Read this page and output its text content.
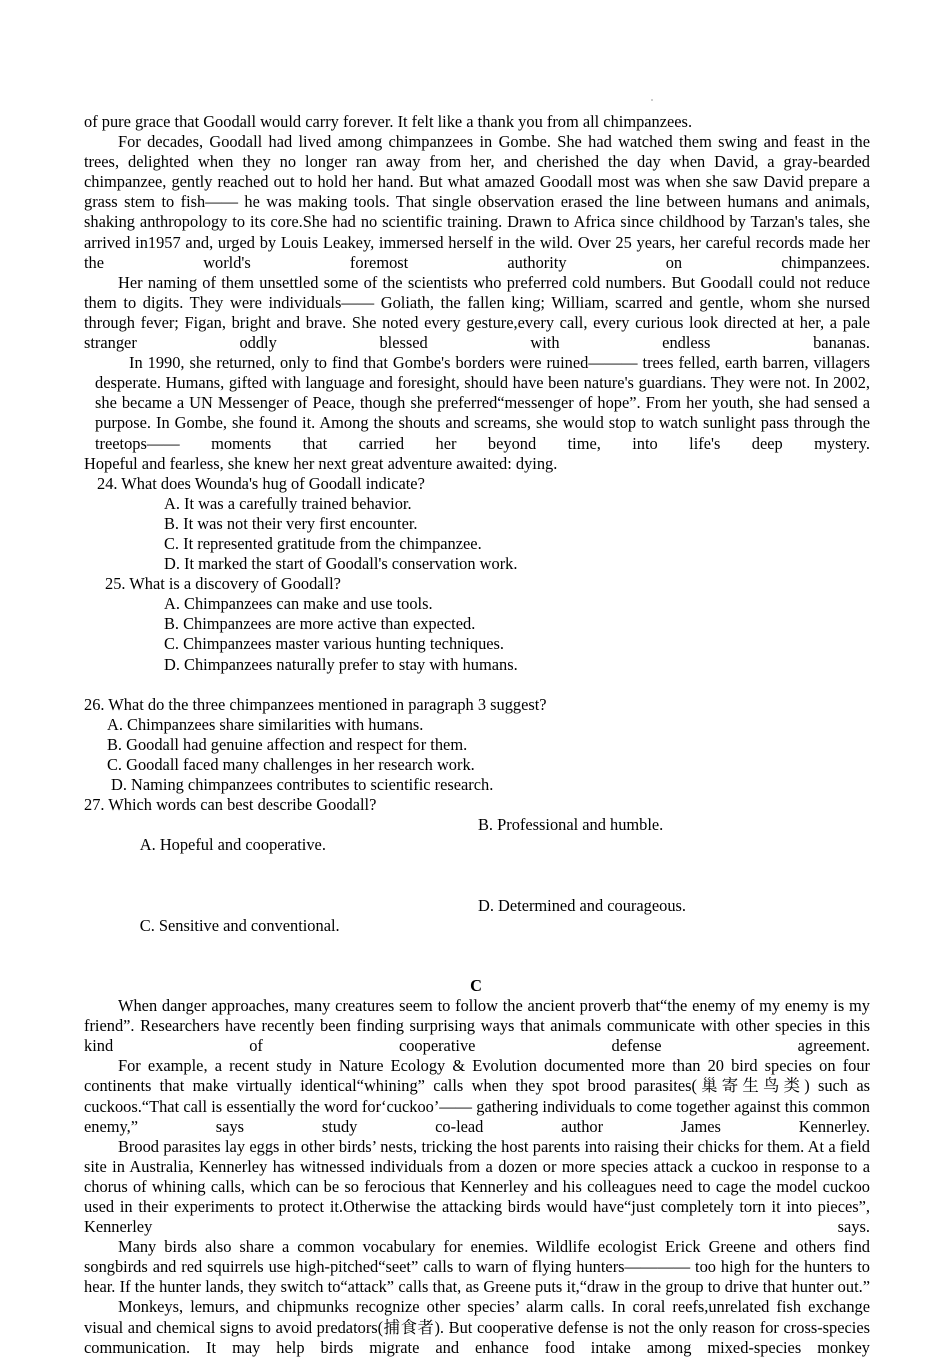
of pure grace that Goodall would carry forever. It felt like a thank you from all chimpanzees.

For decades, Goodall had lived among chimpanzees in Gombe. She had watched them swing and feast in the trees, delighted when they no longer ran away from her, and cherished the day when David, a gray-bearded chimpanzee, gently reached out to hold her hand. But what amazed Goodall most was when she saw David prepare a grass stem to fish—— he was making tools. That single observation erased the line between humans and animals, shaking anthropology to its core.She had no scientific training. Drawn to Africa since childhood by Tarzan's tales, she arrived in1957 and, urged by Louis Leakey, immersed herself in the wild. Over 25 years, her careful records made her the world's foremost authority on chimpanzees.

Her naming of them unsettled some of the scientists who preferred cold numbers. But Goodall could not reduce them to digits. They were individuals—— Goliath, the fallen king; William, scarred and gentle, whom she nursed through fever; Figan, bright and brave. She noted every gesture,every call, every curious look directed at her, a pale stranger oddly blessed with endless bananas.

In 1990, she returned, only to find that Gombe's borders were ruined——— trees felled, earth barren, villagers desperate. Humans, gifted with language and foresight, should have been nature's guardians. They were not. In 2002, she became a UN Messenger of Peace, though she preferred“messenger of hope”. From her youth, she had sensed a purpose. In Gombe, she found it. Among the shouts and screams, she would stop to watch sunlight pass through the treetops—— moments that carried her beyond time, into life's deep mystery.

Hopeful and fearless, she knew her next great adventure awaited: dying.

24. What does Wounda's hug of Goodall indicate?

A. It was a carefully trained behavior.

B. It was not their very first encounter.

C. It represented gratitude from the chimpanzee.

D. It marked the start of Goodall's conservation work.

25. What is a discovery of Goodall?

A. Chimpanzees can make and use tools.

B. Chimpanzees are more active than expected.

C. Chimpanzees master various hunting techniques.

D. Chimpanzees naturally prefer to stay with humans.

26. What do the three chimpanzees mentioned in paragraph 3 suggest?

A. Chimpanzees share similarities with humans.

B. Goodall had genuine affection and respect for them.

C. Goodall faced many challenges in her research work.

D. Naming chimpanzees contributes to scientific research.

27. Which words can best describe Goodall?

A. Hopeful and cooperative.

B. Professional and humble.

C. Sensitive and conventional.

D. Determined and courageous.

C

When danger approaches, many creatures seem to follow the ancient proverb that“the enemy of my enemy is my friend”. Researchers have recently been finding surprising ways that animals communicate with other species in this kind of cooperative defense agreement.

For example, a recent study in Nature Ecology & Evolution documented more than 20 bird species on four continents that make virtually identical“whining” calls when they spot brood parasites(巢寄生鸟类) such as cuckoos.“That call is essentially the word for‘cuckoo’—— gathering individuals to come together against this common enemy,” says study co-lead author James Kennerley.

Brood parasites lay eggs in other birds’ nests, tricking the host parents into raising their chicks for them. At a field site in Australia, Kennerley has witnessed individuals from a dozen or more species attack a cuckoo in response to a chorus of whining calls, which can be so ferocious that Kennerley and his colleagues need to cage the model cuckoo used in their experiments to protect it.Otherwise the attacking birds would have“just completely torn it into pieces”, Kennerley says.

Many birds also share a common vocabulary for enemies. Wildlife ecologist Erick Greene and others find songbirds and red squirrels use high-pitched“seet” calls to warn of flying hunters———— too high for the hunters to hear. If the hunter lands, they switch to“attack” calls that, as Greene puts it,“draw in the group to drive that hunter out.”

Monkeys, lemurs, and chipmunks recognize other species’ alarm calls. In coral reefs,unrelated fish exchange visual and chemical signs to avoid predators(捕食者). But cooperative defense is not the only reason for cross-species communication. It may help birds migrate and enhance food intake among mixed-species monkey
